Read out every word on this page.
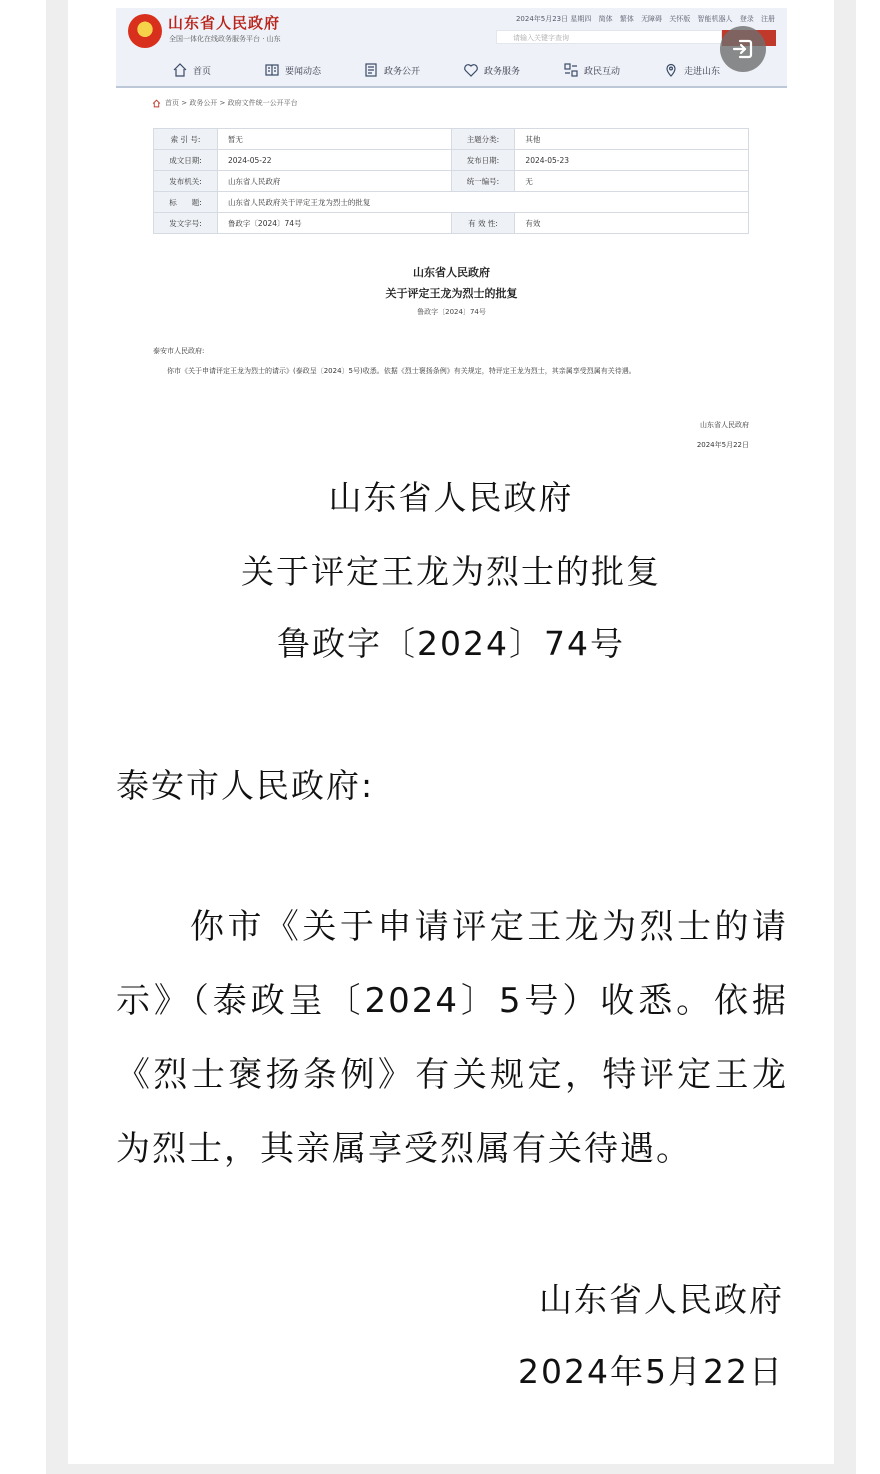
山东省人民政府
全国一体化在线政务服务平台 · 山东
2024年5月23日 星期四 简体 繁体 无障碍 关怀版 智能机器人 登录 注册
请输入关键字查询
首页	要闻动态	政务公开	政务服务	政民互动	走进山东
首页 > 政务公开 > 政府文件统一公开平台
索 引 号:	暂无	主题分类:	其他
成文日期:	2024-05-22	发布日期:	2024-05-23
发布机关:	山东省人民政府	统一编号:	无
标　　题:	山东省人民政府关于评定王龙为烈士的批复		
发文字号:	鲁政字〔2024〕74号	有 效 性:	有效
山东省人民政府
关于评定王龙为烈士的批复
鲁政字〔2024〕74号
泰安市人民政府:
你市《关于申请评定王龙为烈士的请示》(泰政呈〔2024〕5号)收悉。依据《烈士褒扬条例》有关规定，特评定王龙为烈士，其亲属享受烈属有关待遇。
山东省人民政府
2024年5月22日
山东省人民政府
关于评定王龙为烈士的批复
鲁政字〔2024〕74号
泰安市人民政府:
你市《关于申请评定王龙为烈士的请示》（泰政呈〔2024〕5号）收悉。依据《烈士褒扬条例》有关规定，特评定王龙为烈士，其亲属享受烈属有关待遇。
山东省人民政府
2024年5月22日
